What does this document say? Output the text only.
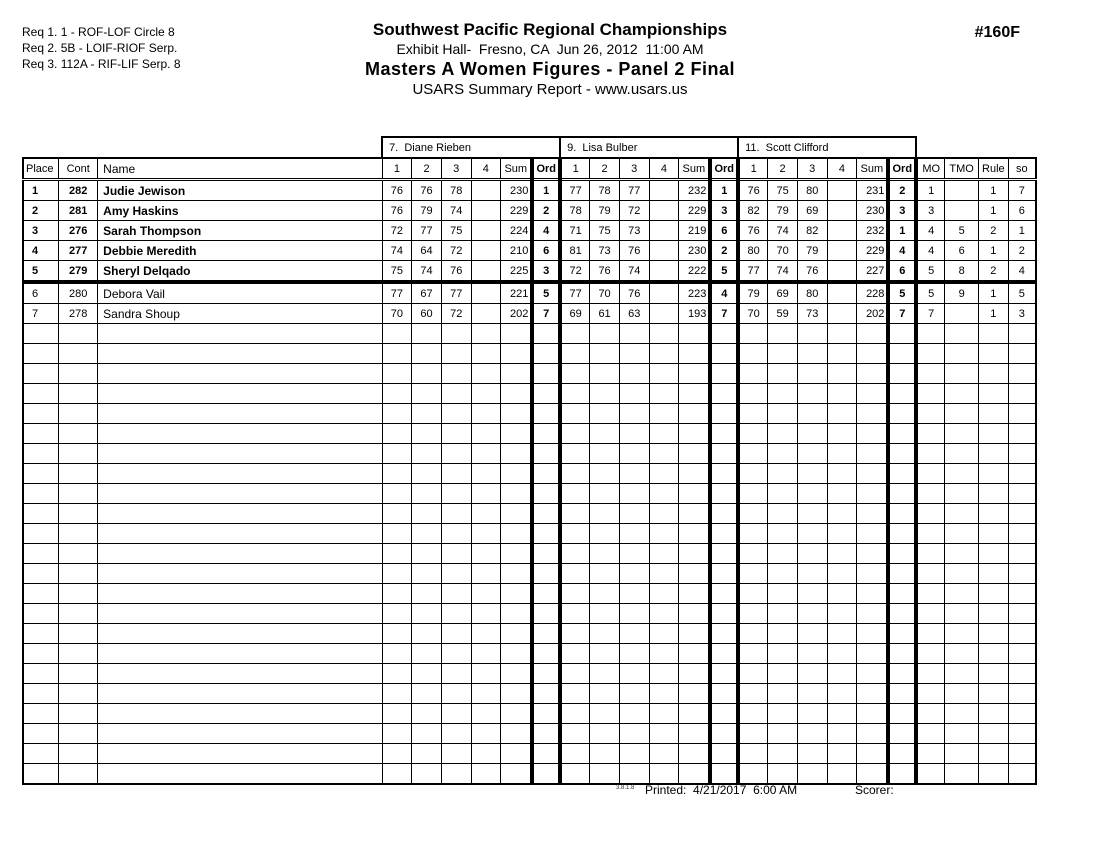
Req 1. 1 - ROF-LOF Circle 8
Req 2. 5B - LOIF-RIOF Serp.
Req 3. 112A - RIF-LIF Serp. 8
Southwest Pacific Regional Championships
Exhibit Hall-  Fresno, CA  Jun 26, 2012  11:00 AM
Masters A Women Figures - Panel 2 Final
USARS Summary Report - www.usars.us
#160F
			7.  Diane Rieben						9.  Lisa Bulber						11.  Scott Clifford									
Place	Cont	Name	1	2	3	4	Sum	Ord	1	2	3	4	Sum	Ord	1	2	3	4	Sum	Ord	MO	TMO	Rule	so
1	282	Judie Jewison	76	76	78		230	1	77	78	77		232	1	76	75	80		231	2	1		1	7
2	281	Amy Haskins	76	79	74		229	2	78	79	72		229	3	82	79	69		230	3	3		1	6
3	276	Sarah Thompson	72	77	75		224	4	71	75	73		219	6	76	74	82		232	1	4	5	2	1
4	277	Debbie Meredith	74	64	72		210	6	81	73	76		230	2	80	70	79		229	4	4	6	1	2
5	279	Sheryl Delqado	75	74	76		225	3	72	76	74		222	5	77	74	76		227	6	5	8	2	4
6	280	Debora Vail	77	67	77		221	5	77	70	76		223	4	79	69	80		228	5	5	9	1	5
7	278	Sandra Shoup	70	60	72		202	7	69	61	63		193	7	70	59	73		202	7	7		1	3

3.8.1.8 Printed:  4/21/2017  6:00 AM	Scorer:
